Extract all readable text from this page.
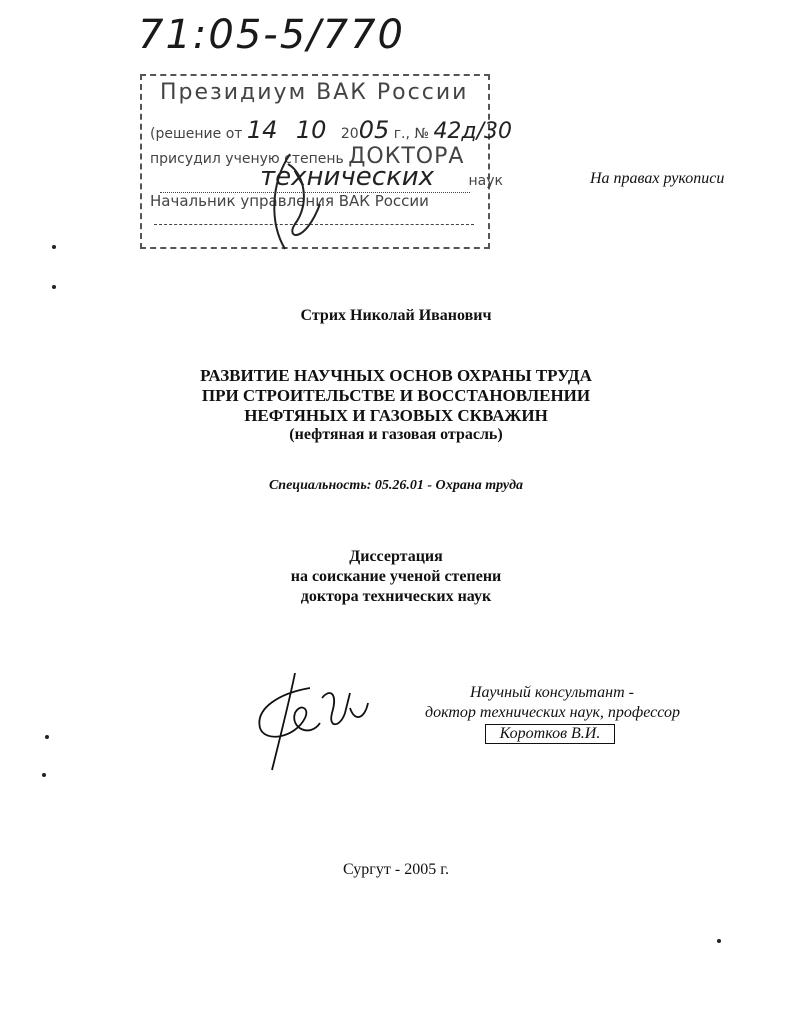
71:05-5/770
Президиум ВАК России
(решение от 14 10 2005 г., № 42д/30
присудил ученую степень ДОКТОРА
технических наук
Начальник управления ВАК России
На правах рукописи
Стрих Николай Иванович
РАЗВИТИЕ НАУЧНЫХ ОСНОВ ОХРАНЫ ТРУДА
ПРИ СТРОИТЕЛЬСТВЕ И ВОССТАНОВЛЕНИИ
НЕФТЯНЫХ И ГАЗОВЫХ СКВАЖИН
(нефтяная и газовая отрасль)
Специальность: 05.26.01 - Охрана труда
Диссертация
на соискание ученой степени
доктора технических наук
Научный консультант -
доктор технических наук, профессор
Коротков В.И.
Сургут - 2005 г.
